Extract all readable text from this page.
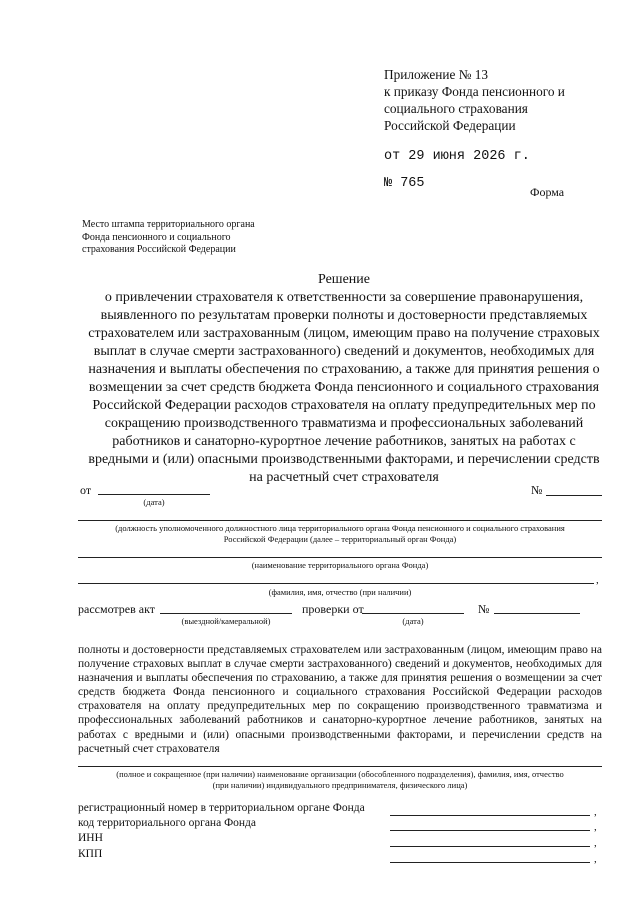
Приложение № 13
к приказу Фонда пенсионного и
социального страхования
Российской Федерации
от 29 июня 2026 г.
№ 765
Форма
Место штампа территориального органа
Фонда пенсионного и социального
страхования Российской Федерации
Решение
о привлечении страхователя к ответственности за совершение правонарушения, выявленного по результатам проверки полноты и достоверности представляемых страхователем или застрахованным (лицом, имеющим право на получение страховых выплат в случае смерти застрахованного) сведений и документов, необходимых для назначения и выплаты обеспечения по страхованию, а также для принятия решения о возмещении за счет средств бюджета Фонда пенсионного и социального страхования Российской Федерации расходов страхователя на оплату предупредительных мер по сокращению производственного травматизма и профессиональных заболеваний работников и санаторно-курортное лечение работников, занятых на работах с вредными и (или) опасными производственными факторами, и перечислении средств на расчетный счет страхователя
от
(дата)
№
(должность уполномоченного должностного лица территориального органа Фонда пенсионного и социального страхования
Российской Федерации (далее – территориальный орган Фонда)
(наименование территориального органа Фонда)
,
(фамилия, имя, отчество (при наличии)
рассмотрев акт
(выездной/камеральной)
проверки от
(дата)
№
полноты и достоверности представляемых страхователем или застрахованным (лицом, имеющим право на получение страховых выплат в случае смерти застрахованного) сведений и документов, необходимых для назначения и выплаты обеспечения по страхованию, а также для принятия решения о возмещении за счет средств бюджета Фонда пенсионного и социального страхования Российской Федерации расходов страхователя на оплату предупредительных мер по сокращению производственного травматизма и профессиональных заболеваний работников и санаторно-курортное лечение работников, занятых на работах с вредными и (или) опасными производственными факторами, и перечислении средств на расчетный счет страхователя
(полное и сокращенное (при наличии) наименование организации (обособленного подразделения), фамилия, имя, отчество
(при наличии) индивидуального предпринимателя, физического лица)
регистрационный номер в территориальном органе Фонда	,
код территориального органа Фонда	,
ИНН	,
КПП	,
